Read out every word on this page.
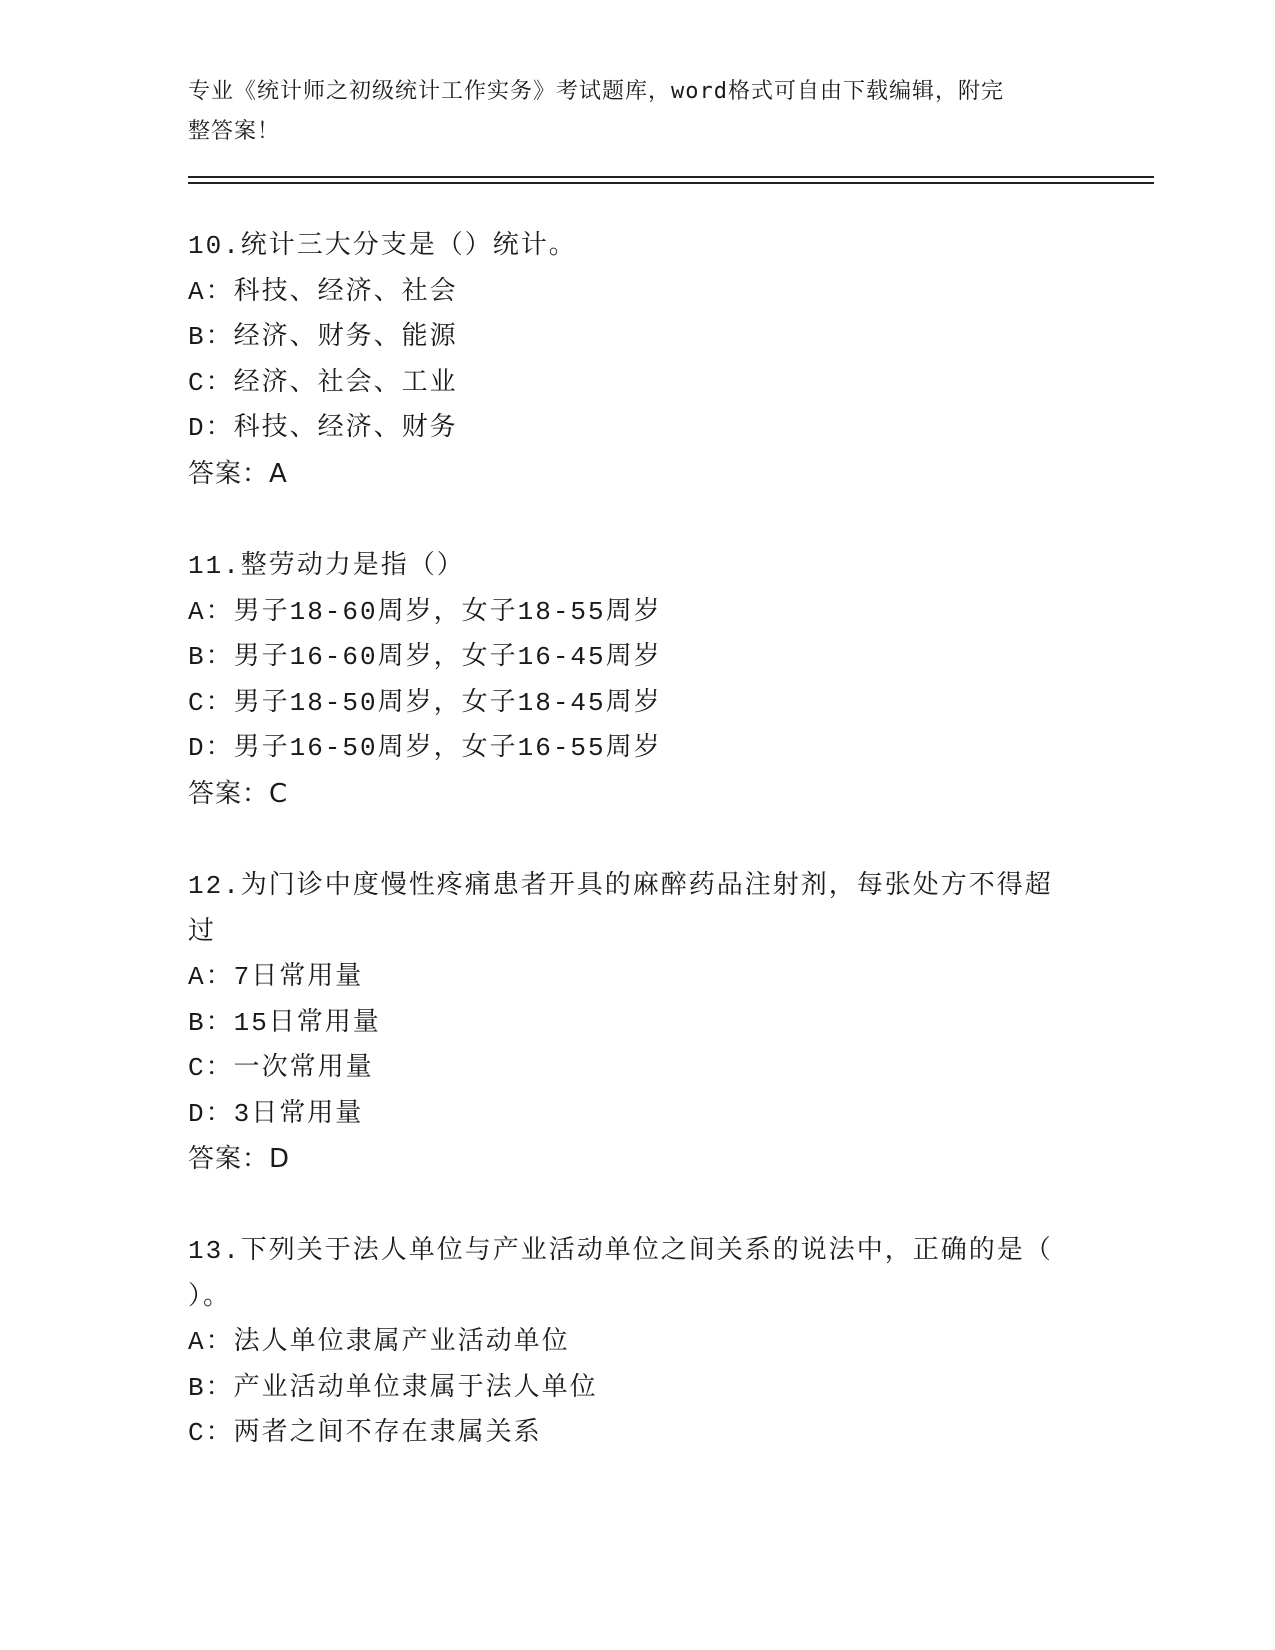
专业《统计师之初级统计工作实务》考试题库，word格式可自由下载编辑，附完
整答案！
10.统计三大分支是（）统计。
A：科技、经济、社会
B：经济、财务、能源
C：经济、社会、工业
D：科技、经济、财务
答案：A
11.整劳动力是指（）
A：男子18-60周岁，女子18-55周岁
B：男子16-60周岁，女子16-45周岁
C：男子18-50周岁，女子18-45周岁
D：男子16-50周岁，女子16-55周岁
答案：C
12.为门诊中度慢性疼痛患者开具的麻醉药品注射剂，每张处方不得超
过
A：7日常用量
B：15日常用量
C：一次常用量
D：3日常用量
答案：D
13.下列关于法人单位与产业活动单位之间关系的说法中，正确的是（
）。
A：法人单位隶属产业活动单位
B：产业活动单位隶属于法人单位
C：两者之间不存在隶属关系
